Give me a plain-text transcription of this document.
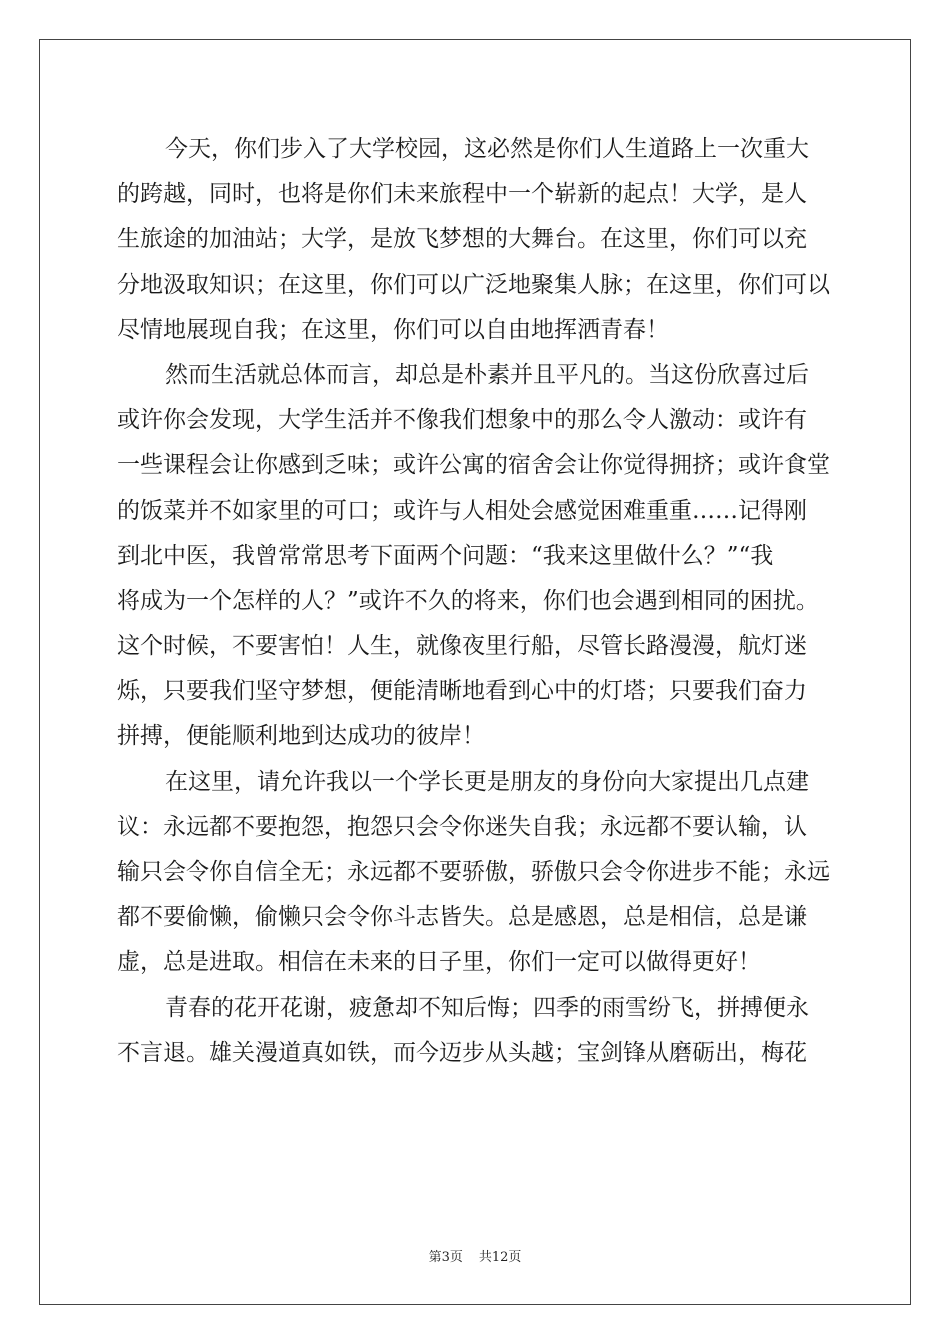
今天，你们步入了大学校园，这必然是你们人生道路上一次重大
的跨越，同时，也将是你们未来旅程中一个崭新的起点！大学，是人
生旅途的加油站；大学，是放飞梦想的大舞台。在这里，你们可以充
分地汲取知识；在这里，你们可以广泛地聚集人脉；在这里，你们可以
尽情地展现自我；在这里，你们可以自由地挥洒青春！
然而生活就总体而言，却总是朴素并且平凡的。当这份欣喜过后
或许你会发现，大学生活并不像我们想象中的那么令人激动：或许有
一些课程会让你感到乏味；或许公寓的宿舍会让你觉得拥挤；或许食堂
的饭菜并不如家里的可口；或许与人相处会感觉困难重重……记得刚
到北中医，我曾常常思考下面两个问题：“我来这里做什么？”“我
将成为一个怎样的人？”或许不久的将来，你们也会遇到相同的困扰。
这个时候，不要害怕！人生，就像夜里行船，尽管长路漫漫，航灯迷
烁，只要我们坚守梦想，便能清晰地看到心中的灯塔；只要我们奋力
拼搏，便能顺利地到达成功的彼岸！
在这里，请允许我以一个学长更是朋友的身份向大家提出几点建
议：永远都不要抱怨，抱怨只会令你迷失自我；永远都不要认输，认
输只会令你自信全无；永远都不要骄傲，骄傲只会令你进步不能；永远
都不要偷懒，偷懒只会令你斗志皆失。总是感恩，总是相信，总是谦
虚，总是进取。相信在未来的日子里，你们一定可以做得更好！
青春的花开花谢，疲惫却不知后悔；四季的雨雪纷飞，拼搏便永
不言退。雄关漫道真如铁，而今迈步从头越；宝剑锋从磨砺出，梅花
第3页 共12页
